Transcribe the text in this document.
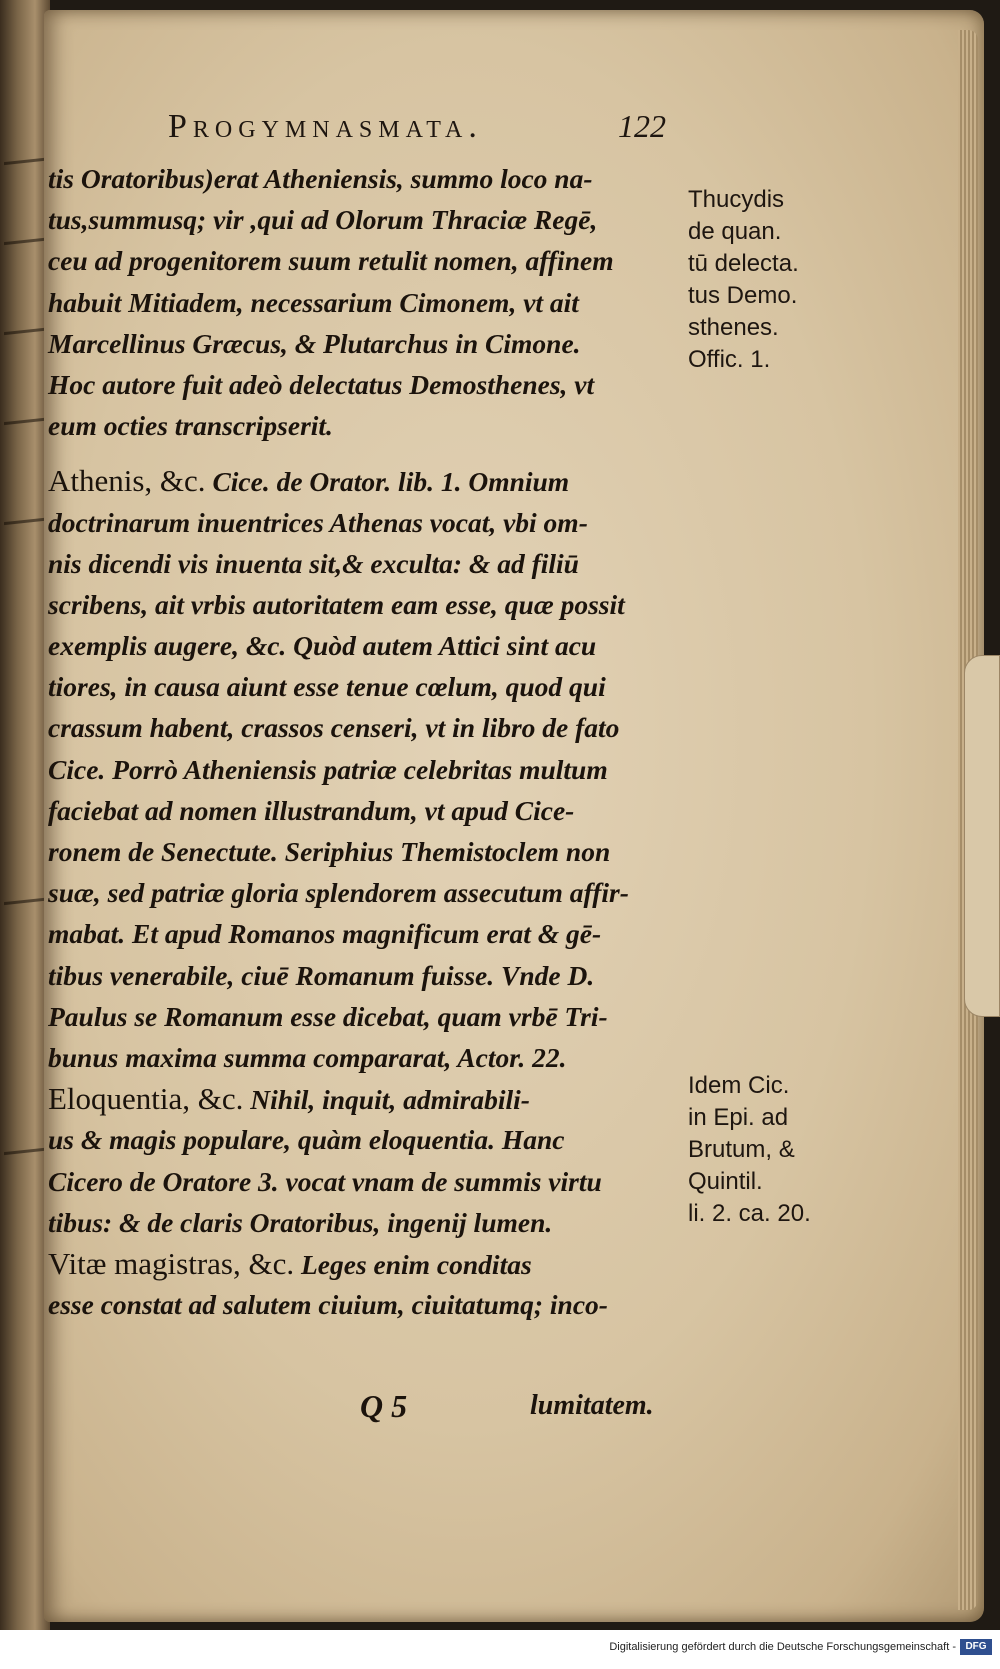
Progymnasmata.	122
tis Oratoribus)erat Atheniensis, summo loco na-
tus,summusq; vir ,qui ad Olorum Thraciæ Regē,
ceu ad progenitorem suum retulit nomen, affinem
habuit Mitiadem, necessarium Cimonem, vt ait
Marcellinus Græcus, & Plutarchus in Cimone.
Hoc autore fuit adeò delectatus Demosthenes, vt
eum octies transcripserit.
Athenis, &c. Cice. de Orator. lib. 1. Omnium
doctrinarum inuentrices Athenas vocat, vbi om-
nis dicendi vis inuenta sit,& exculta: & ad filiū
scribens, ait vrbis autoritatem eam esse, quæ possit
exemplis augere, &c. Quòd autem Attici sint acu
tiores, in causa aiunt esse tenue cœlum, quod qui
crassum habent, crassos censeri, vt in libro de fato
Cice. Porrò Atheniensis patriæ celebritas multum
faciebat ad nomen illustrandum, vt apud Cice-
ronem de Senectute. Seriphius Themistoclem non
suæ, sed patriæ gloria splendorem assecutum affir-
mabat. Et apud Romanos magnificum erat & gē-
tibus venerabile, ciuē Romanum fuisse. Vnde D.
Paulus se Romanum esse dicebat, quam vrbē Tri-
bunus maxima summa compararat, Actor. 22.
Eloquentia, &c. Nihil, inquit, admirabili-
us & magis populare, quàm eloquentia. Hanc
Cicero de Oratore 3. vocat vnam de summis virtu
tibus: & de claris Oratoribus, ingenij lumen.
Vitæ magistras, &c. Leges enim conditas
esse constat ad salutem ciuium, ciuitatumq; inco-
Q 5	lumitatem.
Thucydis
de quan.
tū delecta.
tus Demo.
sthenes.
Offic. 1.
Idem Cic.
in Epi. ad
Brutum, &
Quintil.
li. 2. ca. 20.
Digitalisierung gefördert durch die Deutsche Forschungsgemeinschaft - DFG
